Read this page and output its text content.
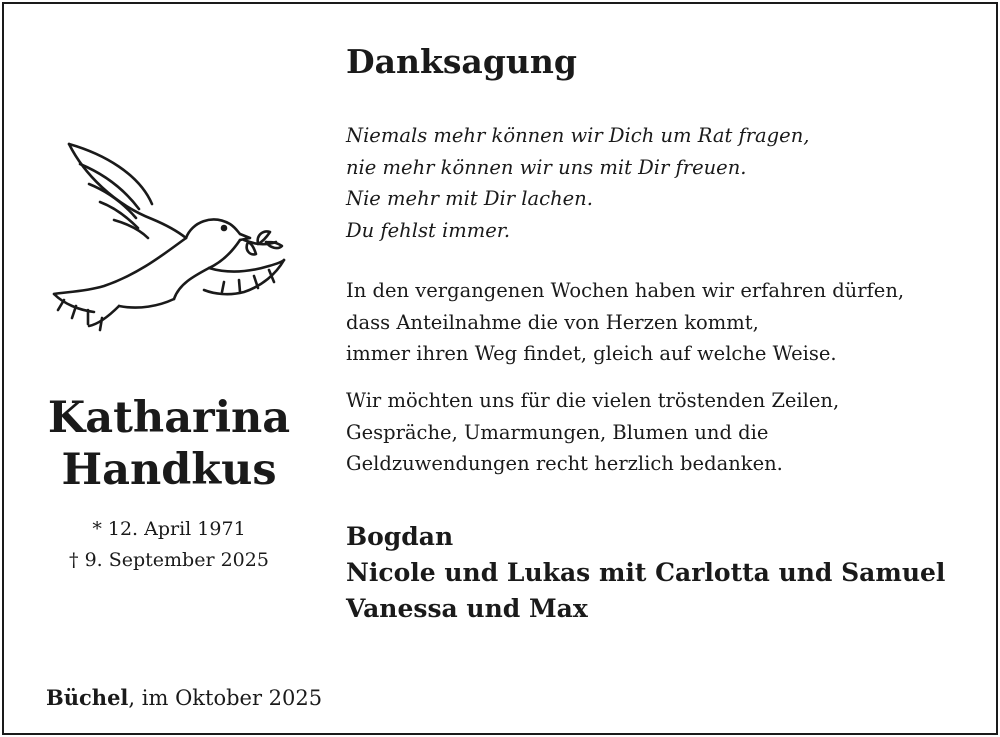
Katharina
Handkus
* 12. April 1971
† 9. September 2025
Büchel, im Oktober 2025
Danksagung
Niemals mehr können wir Dich um Rat fragen,
nie mehr können wir uns mit Dir freuen.
Nie mehr mit Dir lachen.
Du fehlst immer.
In den vergangenen Wochen haben wir erfahren dürfen,
dass Anteilnahme die von Herzen kommt,
immer ihren Weg findet, gleich auf welche Weise.
Wir möchten uns für die vielen tröstenden Zeilen,
Gespräche, Umarmungen, Blumen und die
Geldzuwendungen recht herzlich bedanken.
Bogdan
Nicole und Lukas mit Carlotta und Samuel
Vanessa und Max
